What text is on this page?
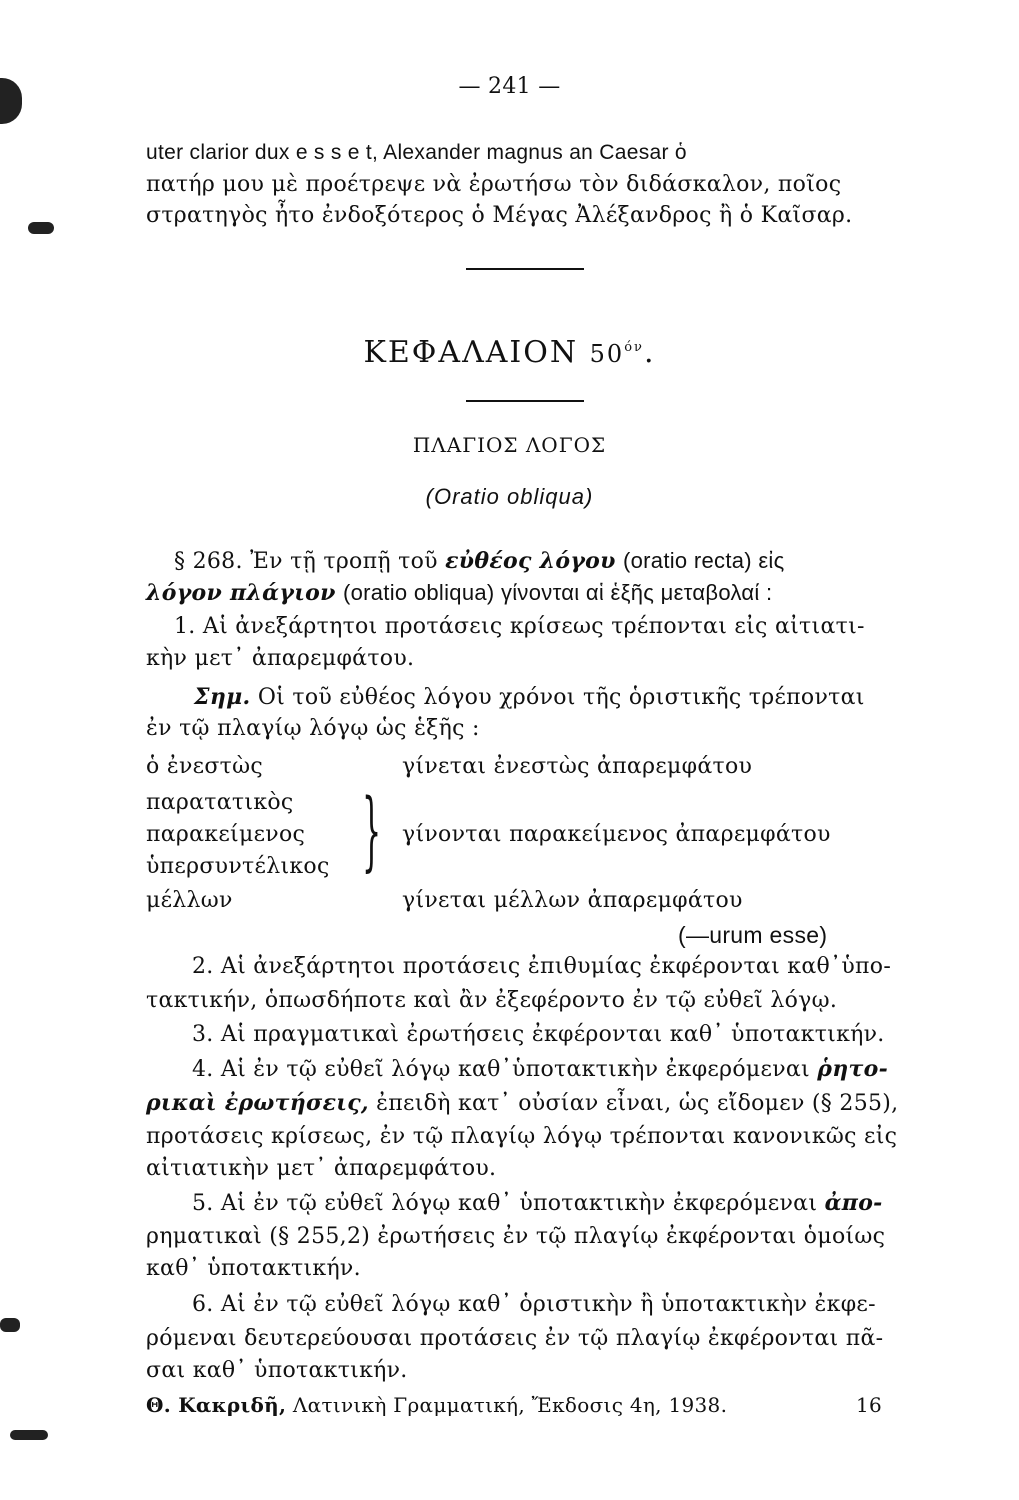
— 241 —
uter clarior dux e s s e t, Alexander magnus an Caesar ὁ
πατήρ μου μὲ προέτρεψε νὰ ἐρωτήσω τὸν διδάσκαλον, ποῖος
στρατηγὸς ἦτο ἐνδοξότερος ὁ Μέγας Ἀλέξανδρος ἢ ὁ Καῖσαρ.
ΚΕΦΑΛΑΙΟΝ $50^{ό\nu}$.
ΠΛΑΓΙΟΣ ΛΟΓΟΣ
(Oratio obliqua)
§ 268. Ἐν τῇ τροπῇ τοῦ εὐθέος λόγου (oratio recta) εἰς
λόγον πλάγιον (oratio obliqua) γίνονται αἱ ἑξῆς μεταβολαί :
1. Αἱ ἀνεξάρτητοι προτάσεις κρίσεως τρέπονται εἰς αἰτιατι-
κὴν μετ᾽ ἀπαρεμφάτου.
Σημ. Οἱ τοῦ εὐθέος λόγου χρόνοι τῆς ὁριστικῆς τρέπονται
ἐν τῷ πλαγίῳ λόγῳ ὡς ἑξῆς :
ὁ ἐνεστὼς	γίνεται ἐνεστὼς ἀπαρεμφάτου
παρατατικὸς
παρακείμενος	γίνονται παρακείμενος ἀπαρεμφάτου
ὑπερσυντέλικος }
μέλλων	γίνεται μέλλων ἀπαρεμφάτου
(—urum esse)
2. Αἱ ἀνεξάρτητοι προτάσεις ἐπιθυμίας ἐκφέρονται καθ᾽ὑπο-
τακτικήν, ὁπωσδήποτε καὶ ἂν ἐξεφέροντο ἐν τῷ εὐθεῖ λόγῳ.
3. Αἱ πραγματικαὶ ἐρωτήσεις ἐκφέρονται καθ᾽ ὑποτακτικήν.
4. Αἱ ἐν τῷ εὐθεῖ λόγῳ καθ᾽ὑποτακτικὴν ἐκφερόμεναι ῥητο-
ρικαὶ ἐρωτήσεις, ἐπειδὴ κατ᾽ οὐσίαν εἶναι, ὡς εἴδομεν (§ 255),
προτάσεις κρίσεως, ἐν τῷ πλαγίῳ λόγῳ τρέπονται κανονικῶς εἰς
αἰτιατικὴν μετ᾽ ἀπαρεμφάτου.
5. Αἱ ἐν τῷ εὐθεῖ λόγῳ καθ᾽ ὑποτακτικὴν ἐκφερόμεναι ἀπο-
ρηματικαὶ (§ 255,2) ἐρωτήσεις ἐν τῷ πλαγίῳ ἐκφέρονται ὁμοίως
καθ᾽ ὑποτακτικήν.
6. Αἱ ἐν τῷ εὐθεῖ λόγῳ καθ᾽ ὁριστικὴν ἢ ὑποτακτικὴν ἐκφε-
ρόμεναι δευτερεύουσαι προτάσεις ἐν τῷ πλαγίῳ ἐκφέρονται πᾶ-
σαι καθ᾽ ὑποτακτικήν.
Θ. Κακριδῆ, Λατινικὴ Γραμματική, Ἔκδοσις 4η, 1938.	16
